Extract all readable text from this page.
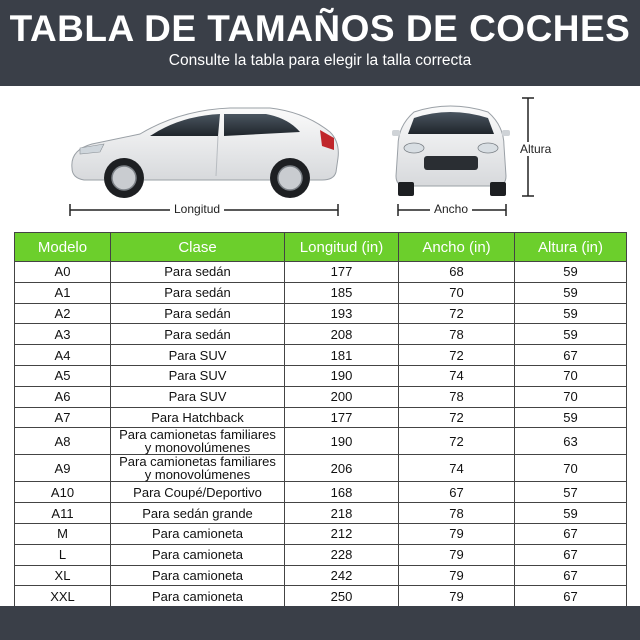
TABLA DE TAMAÑOS DE COCHES
Consulte la tabla para elegir la talla correcta
Longitud	Ancho
Altura
Modelo	Clase	Longitud (in)	Ancho (in)	Altura (in)
A0	Para sedán	177	68	59
A1	Para sedán	185	70	59
A2	Para sedán	193	72	59
A3	Para sedán	208	78	59
A4	Para SUV	181	72	67
A5	Para SUV	190	74	70
A6	Para SUV	200	78	70
A7	Para Hatchback	177	72	59
A8	Para camionetas familiares
y monovolúmenes	190	72	63
A9	Para camionetas familiares
y monovolúmenes	206	74	70
A10	Para Coupé/Deportivo	168	67	57
A11	Para sedán grande	218	78	59
M	Para camioneta	212	79	67
L	Para camioneta	228	79	67
XL	Para camioneta	242	79	67
XXL	Para camioneta	250	79	67
